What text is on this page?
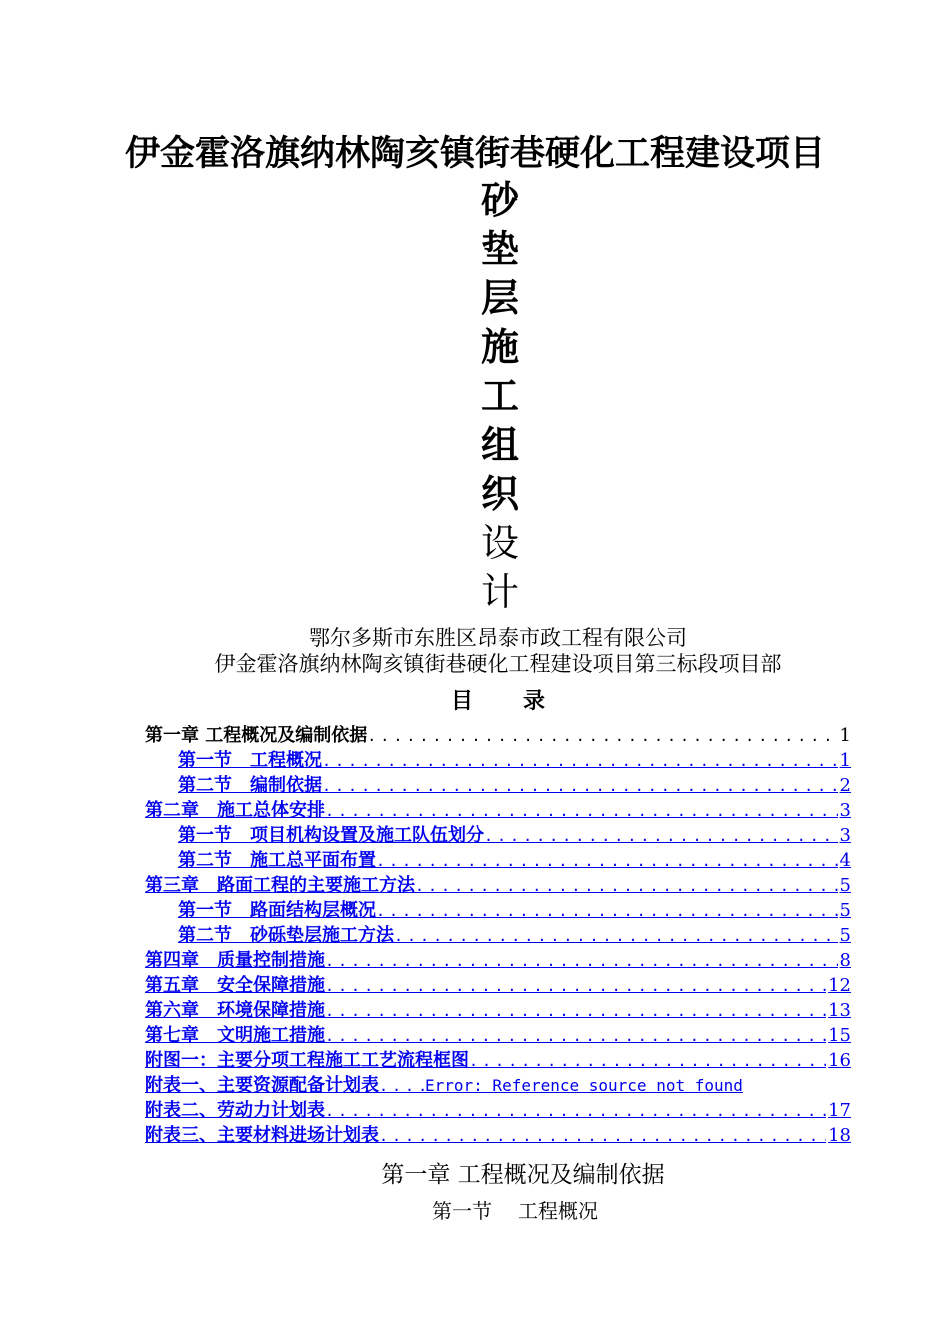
伊金霍洛旗纳林陶亥镇街巷硬化工程建设项目
砂
垫
层
施
工
组
织
设
计
鄂尔多斯市东胜区昂泰市政工程有限公司
伊金霍洛旗纳林陶亥镇街巷硬化工程建设项目第三标段项目部
目 录
第一章 工程概况及编制依据 .....	1
第一节　工程概况 .....	1
第二节　编制依据 .....	2
第二章　施工总体安排 .....	3
第一节　项目机构设置及施工队伍划分 .....	3
第二节　施工总平面布置 .....	4
第三章　路面工程的主要施工方法 .....	5
第一节　路面结构层概况 .....	5
第二节　砂砾垫层施工方法 .....	5
第四章　质量控制措施 .....	8
第五章　安全保障措施 .....	12
第六章　环境保障措施 .....	13
第七章　文明施工措施 .....	15
附图一：主要分项工程施工工艺流程框图 .....	16
附表一、主要资源配备计划表 .....	Error: Reference source not found
附表二、劳动力计划表 .....	17
附表三、主要材料进场计划表 .....	18
第一章 工程概况及编制依据
第一节 工程概况
